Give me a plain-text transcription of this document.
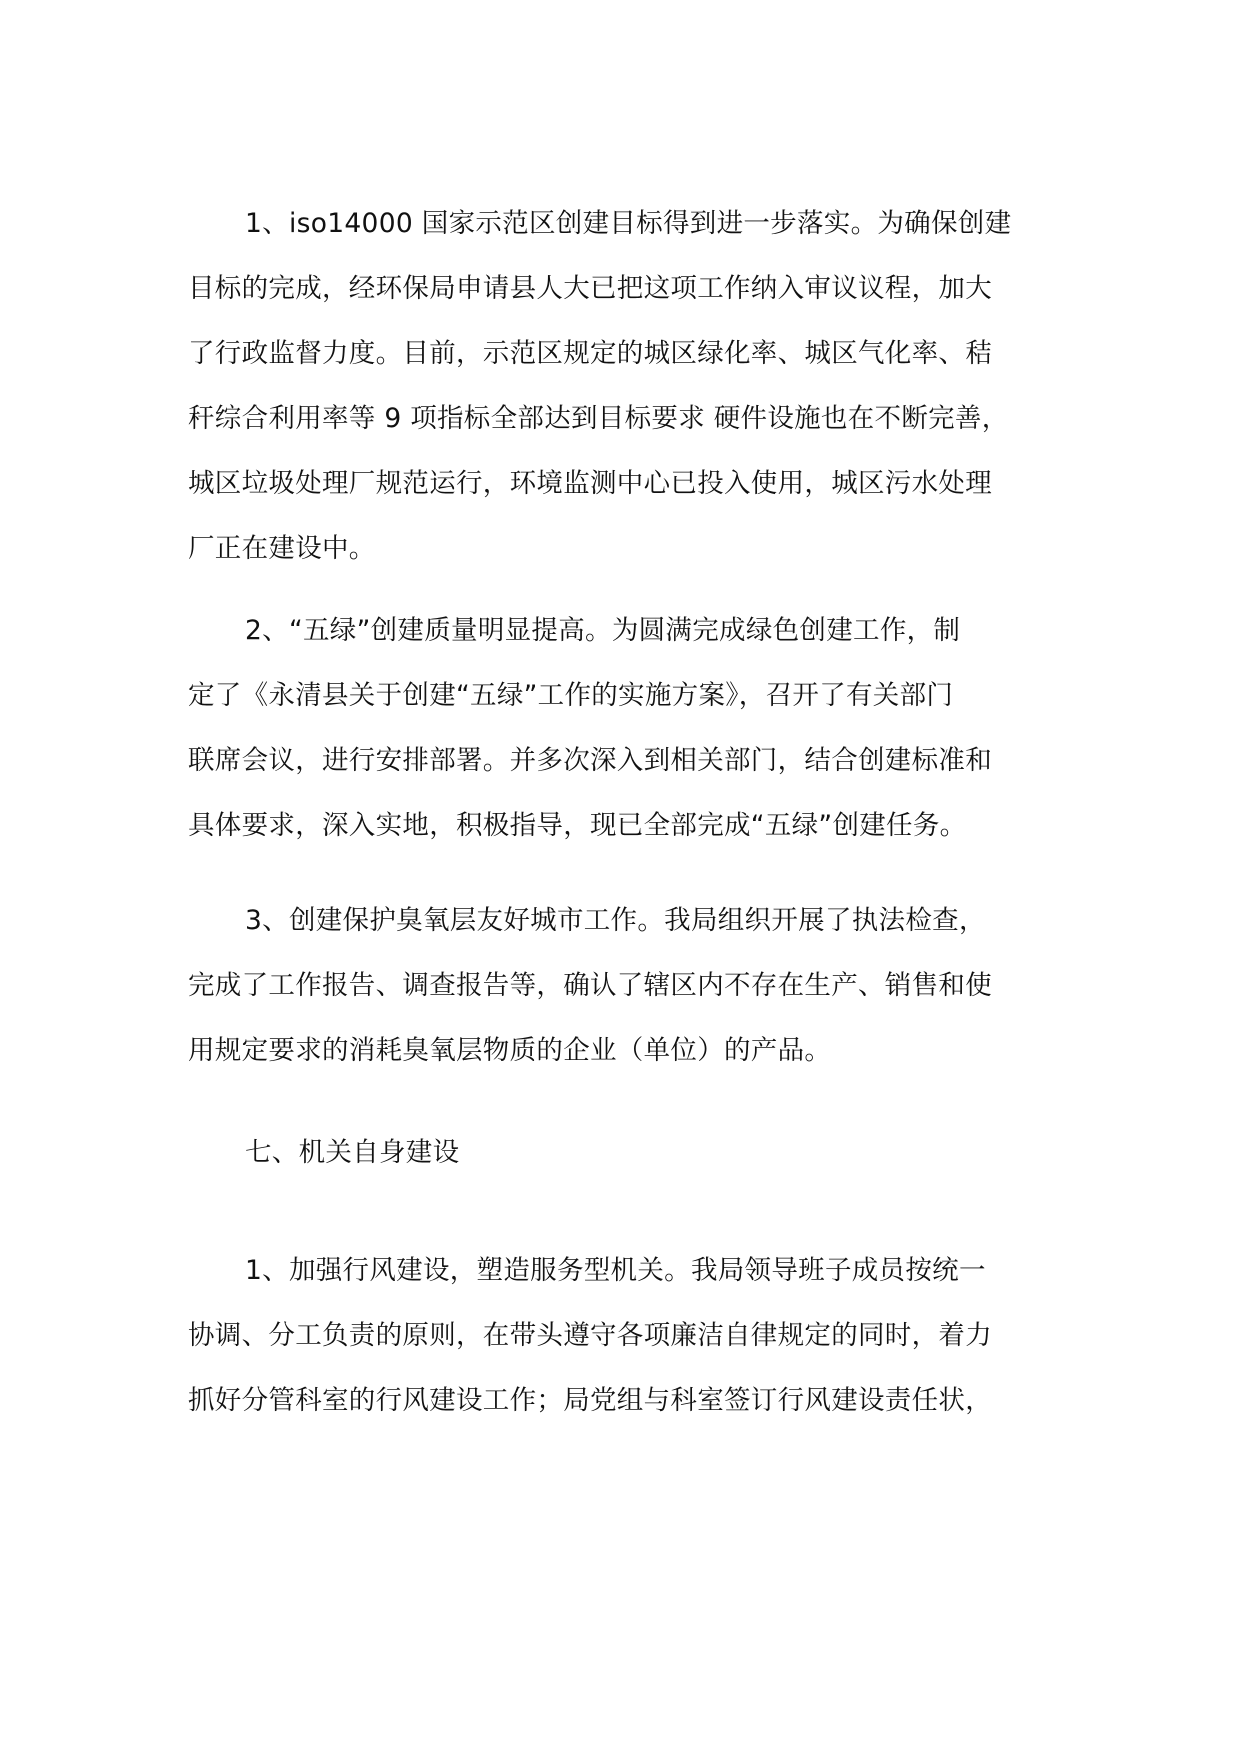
1、iso14000 国家示范区创建目标得到进一步落实。为确保创建
目标的完成，经环保局申请县人大已把这项工作纳入审议议程，加大
了行政监督力度。目前，示范区规定的城区绿化率、城区气化率、秸
秆综合利用率等 9 项指标全部达到目标要求 硬件设施也在不断完善，
城区垃圾处理厂规范运行，环境监测中心已投入使用，城区污水处理
厂正在建设中。
2、“五绿”创建质量明显提高。为圆满完成绿色创建工作，制
定了《永清县关于创建“五绿”工作的实施方案》，召开了有关部门
联席会议，进行安排部署。并多次深入到相关部门，结合创建标准和
具体要求，深入实地，积极指导，现已全部完成“五绿”创建任务。
3、创建保护臭氧层友好城市工作。我局组织开展了执法检查，
完成了工作报告、调查报告等，确认了辖区内不存在生产、销售和使
用规定要求的消耗臭氧层物质的企业（单位）的产品。
七、机关自身建设
1、加强行风建设，塑造服务型机关。我局领导班子成员按统一
协调、分工负责的原则，在带头遵守各项廉洁自律规定的同时，着力
抓好分管科室的行风建设工作；局党组与科室签订行风建设责任状，
